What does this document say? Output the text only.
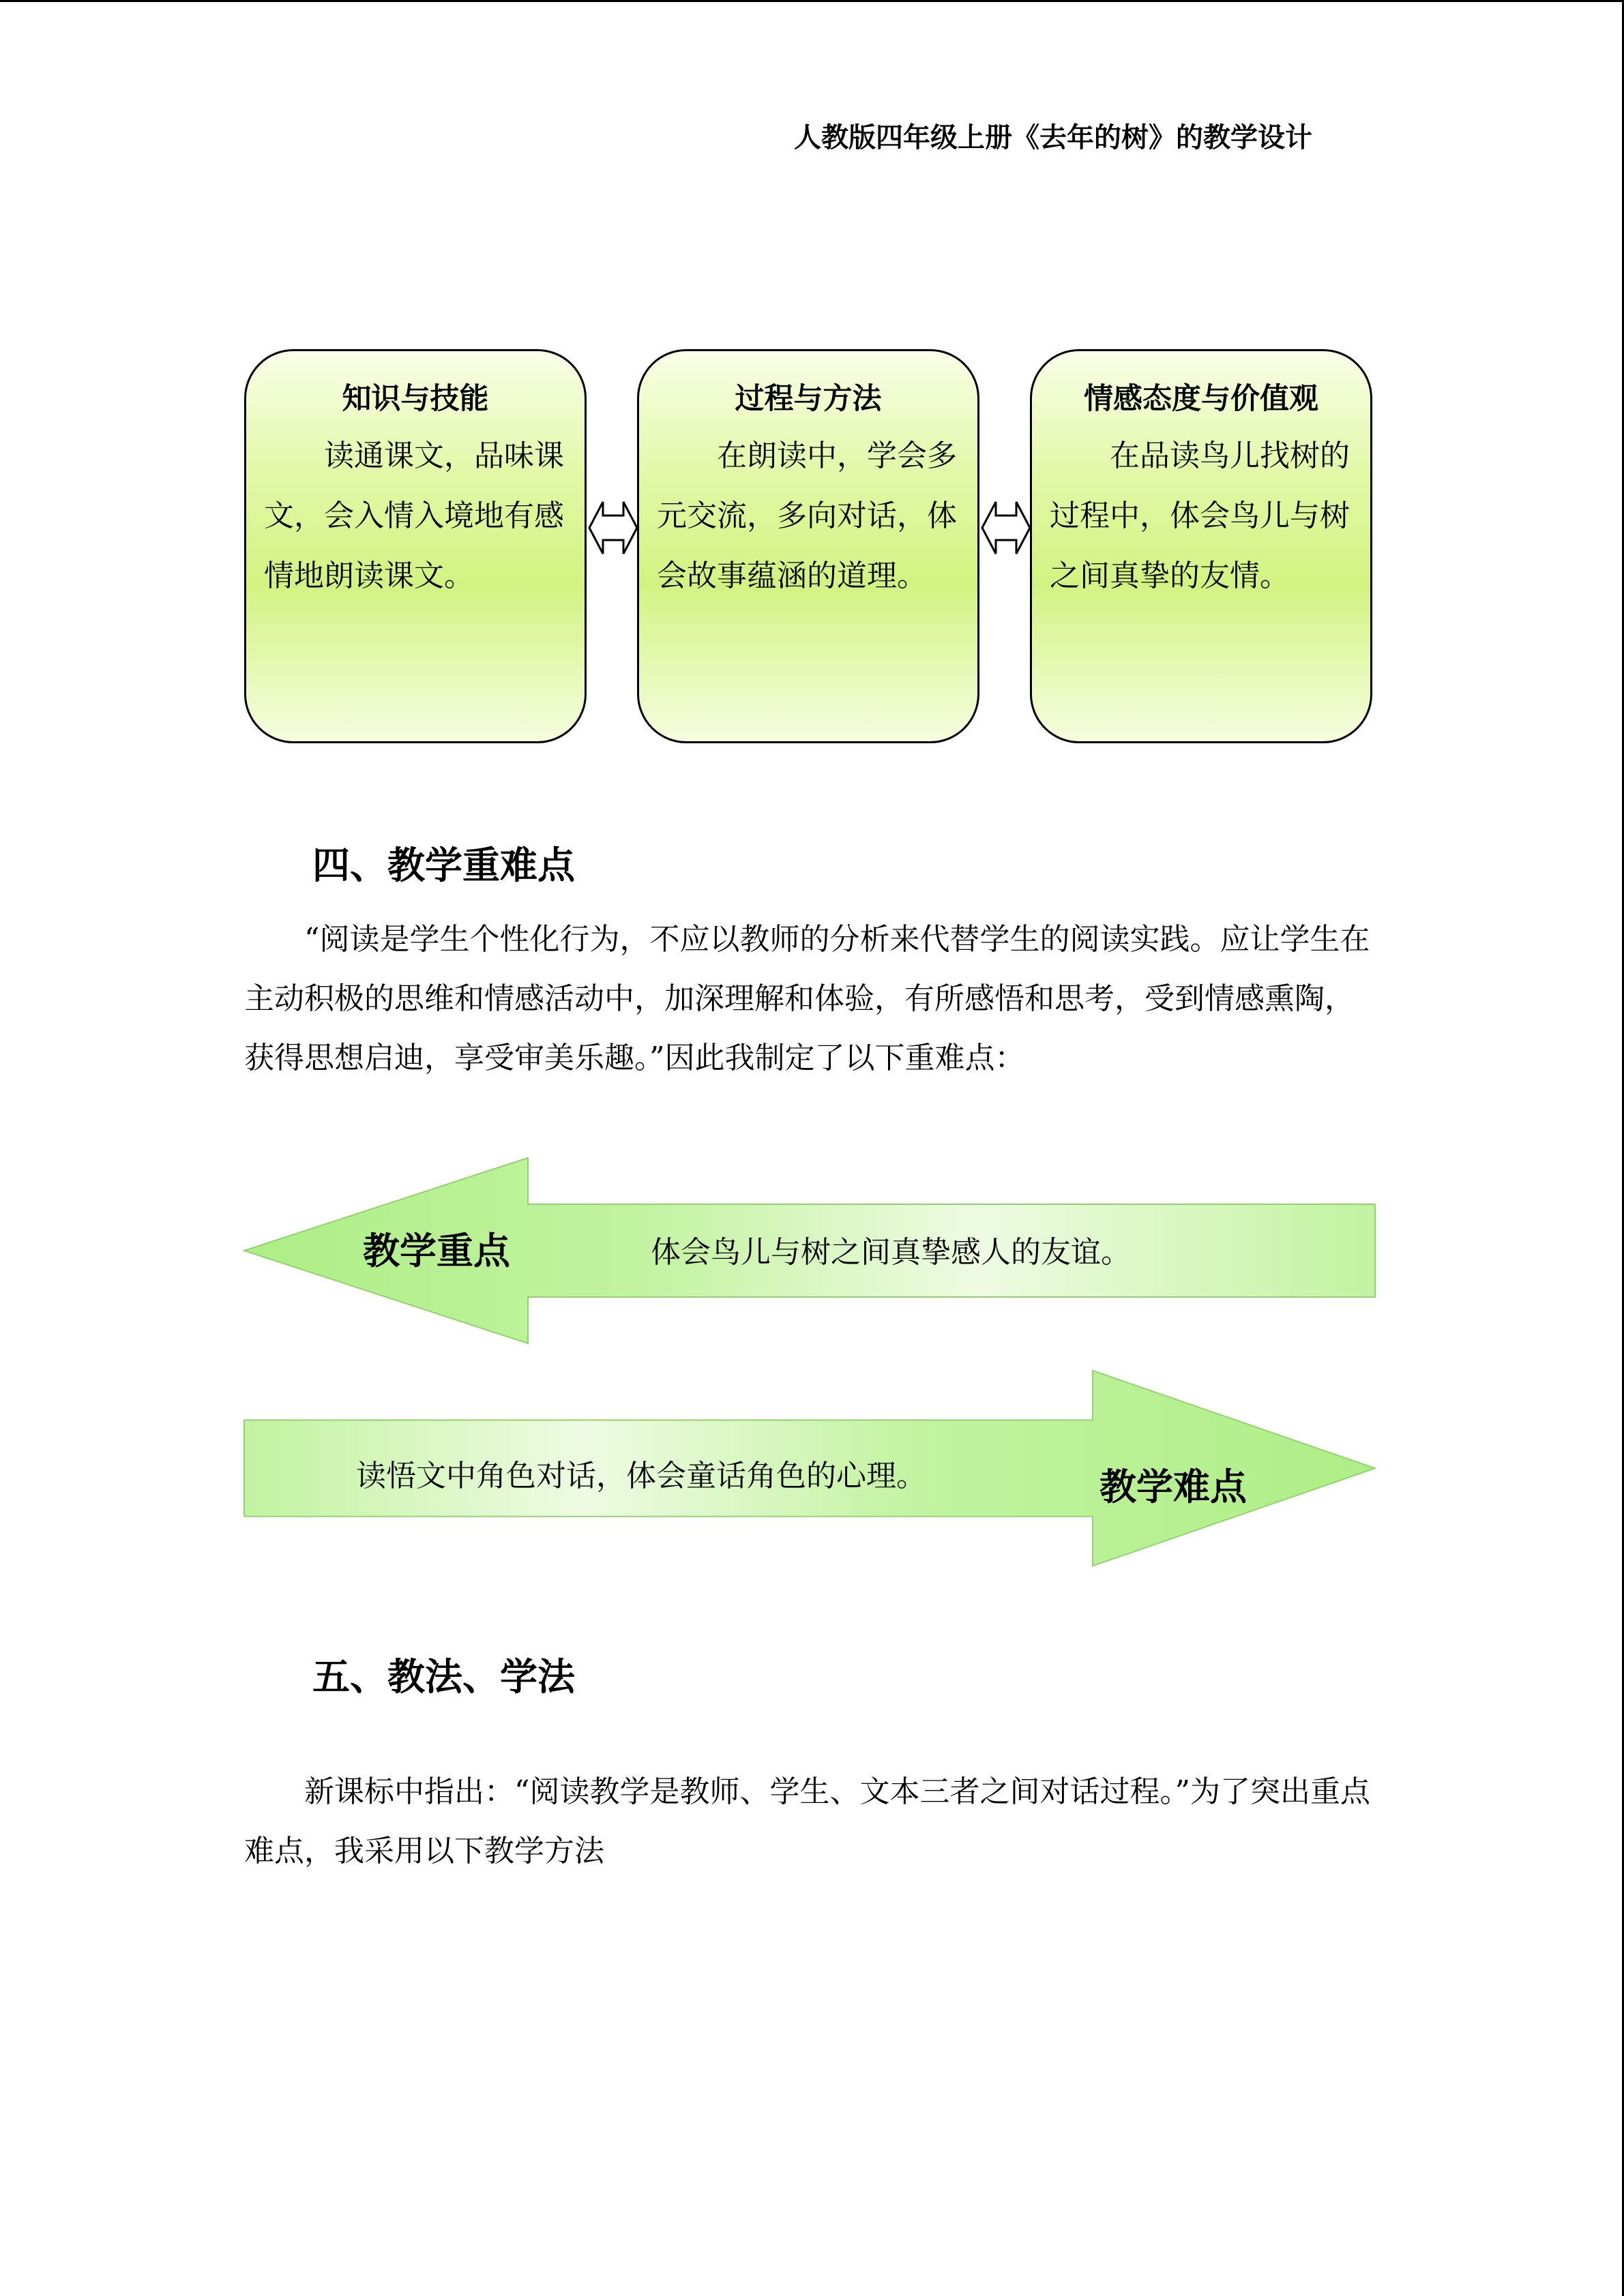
人教版四年级上册《去年的树》的教学设计
知识与技能
读通课文，品味课文，会入情入境地有感情地朗读课文。
过程与方法
在朗读中，学会多元交流，多向对话，体会故事蕴涵的道理。
情感态度与价值观
在品读鸟儿找树的过程中，体会鸟儿与树之间真挚的友情。
四、教学重难点
“阅读是学生个性化行为，不应以教师的分析来代替学生的阅读实践。应让学生在主动积极的思维和情感活动中，加深理解和体验，有所感悟和思考，受到情感熏陶，获得思想启迪，享受审美乐趣。”因此我制定了以下重难点：
教学重点	体会鸟儿与树之间真挚感人的友谊。
读悟文中角色对话，体会童话角色的心理。	教学难点
五、教法、学法
新课标中指出：“阅读教学是教师、学生、文本三者之间对话过程。”为了突出重点难点，我采用以下教学方法
